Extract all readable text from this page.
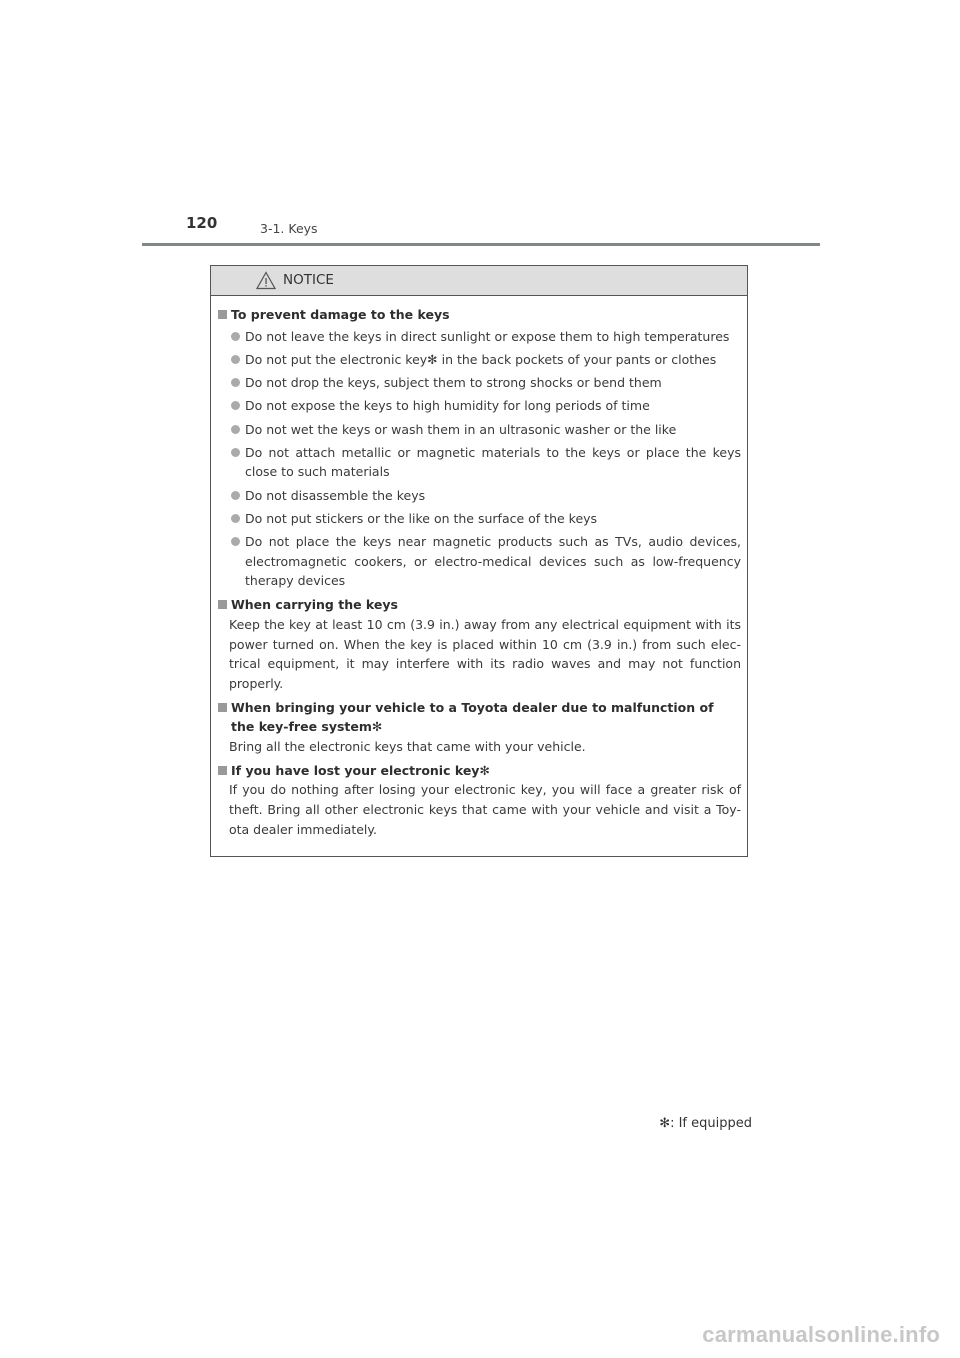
120	3-1. Keys
NOTICE
To prevent damage to the keys
Do not leave the keys in direct sunlight or expose them to high temperatures
Do not put the electronic key✻ in the back pockets of your pants or clothes
Do not drop the keys, subject them to strong shocks or bend them
Do not expose the keys to high humidity for long periods of time
Do not wet the keys or wash them in an ultrasonic washer or the like
Do not attach metallic or magnetic materials to the keys or place the keys close to such materials
Do not disassemble the keys
Do not put stickers or the like on the surface of the keys
Do not place the keys near magnetic products such as TVs, audio devices, electromagnetic cookers, or electro-medical devices such as low-frequency therapy devices
When carrying the keys
Keep the key at least 10 cm (3.9 in.) away from any electrical equipment with its power turned on. When the key is placed within 10 cm (3.9 in.) from such elec-trical equipment, it may interfere with its radio waves and may not function properly.
When bringing your vehicle to a Toyota dealer due to malfunction of the key-free system✻
Bring all the electronic keys that came with your vehicle.
If you have lost your electronic key✻
If you do nothing after losing your electronic key, you will face a greater risk of theft. Bring all other electronic keys that came with your vehicle and visit a Toy-ota dealer immediately.
✻: If equipped
carmanualsonline.info
